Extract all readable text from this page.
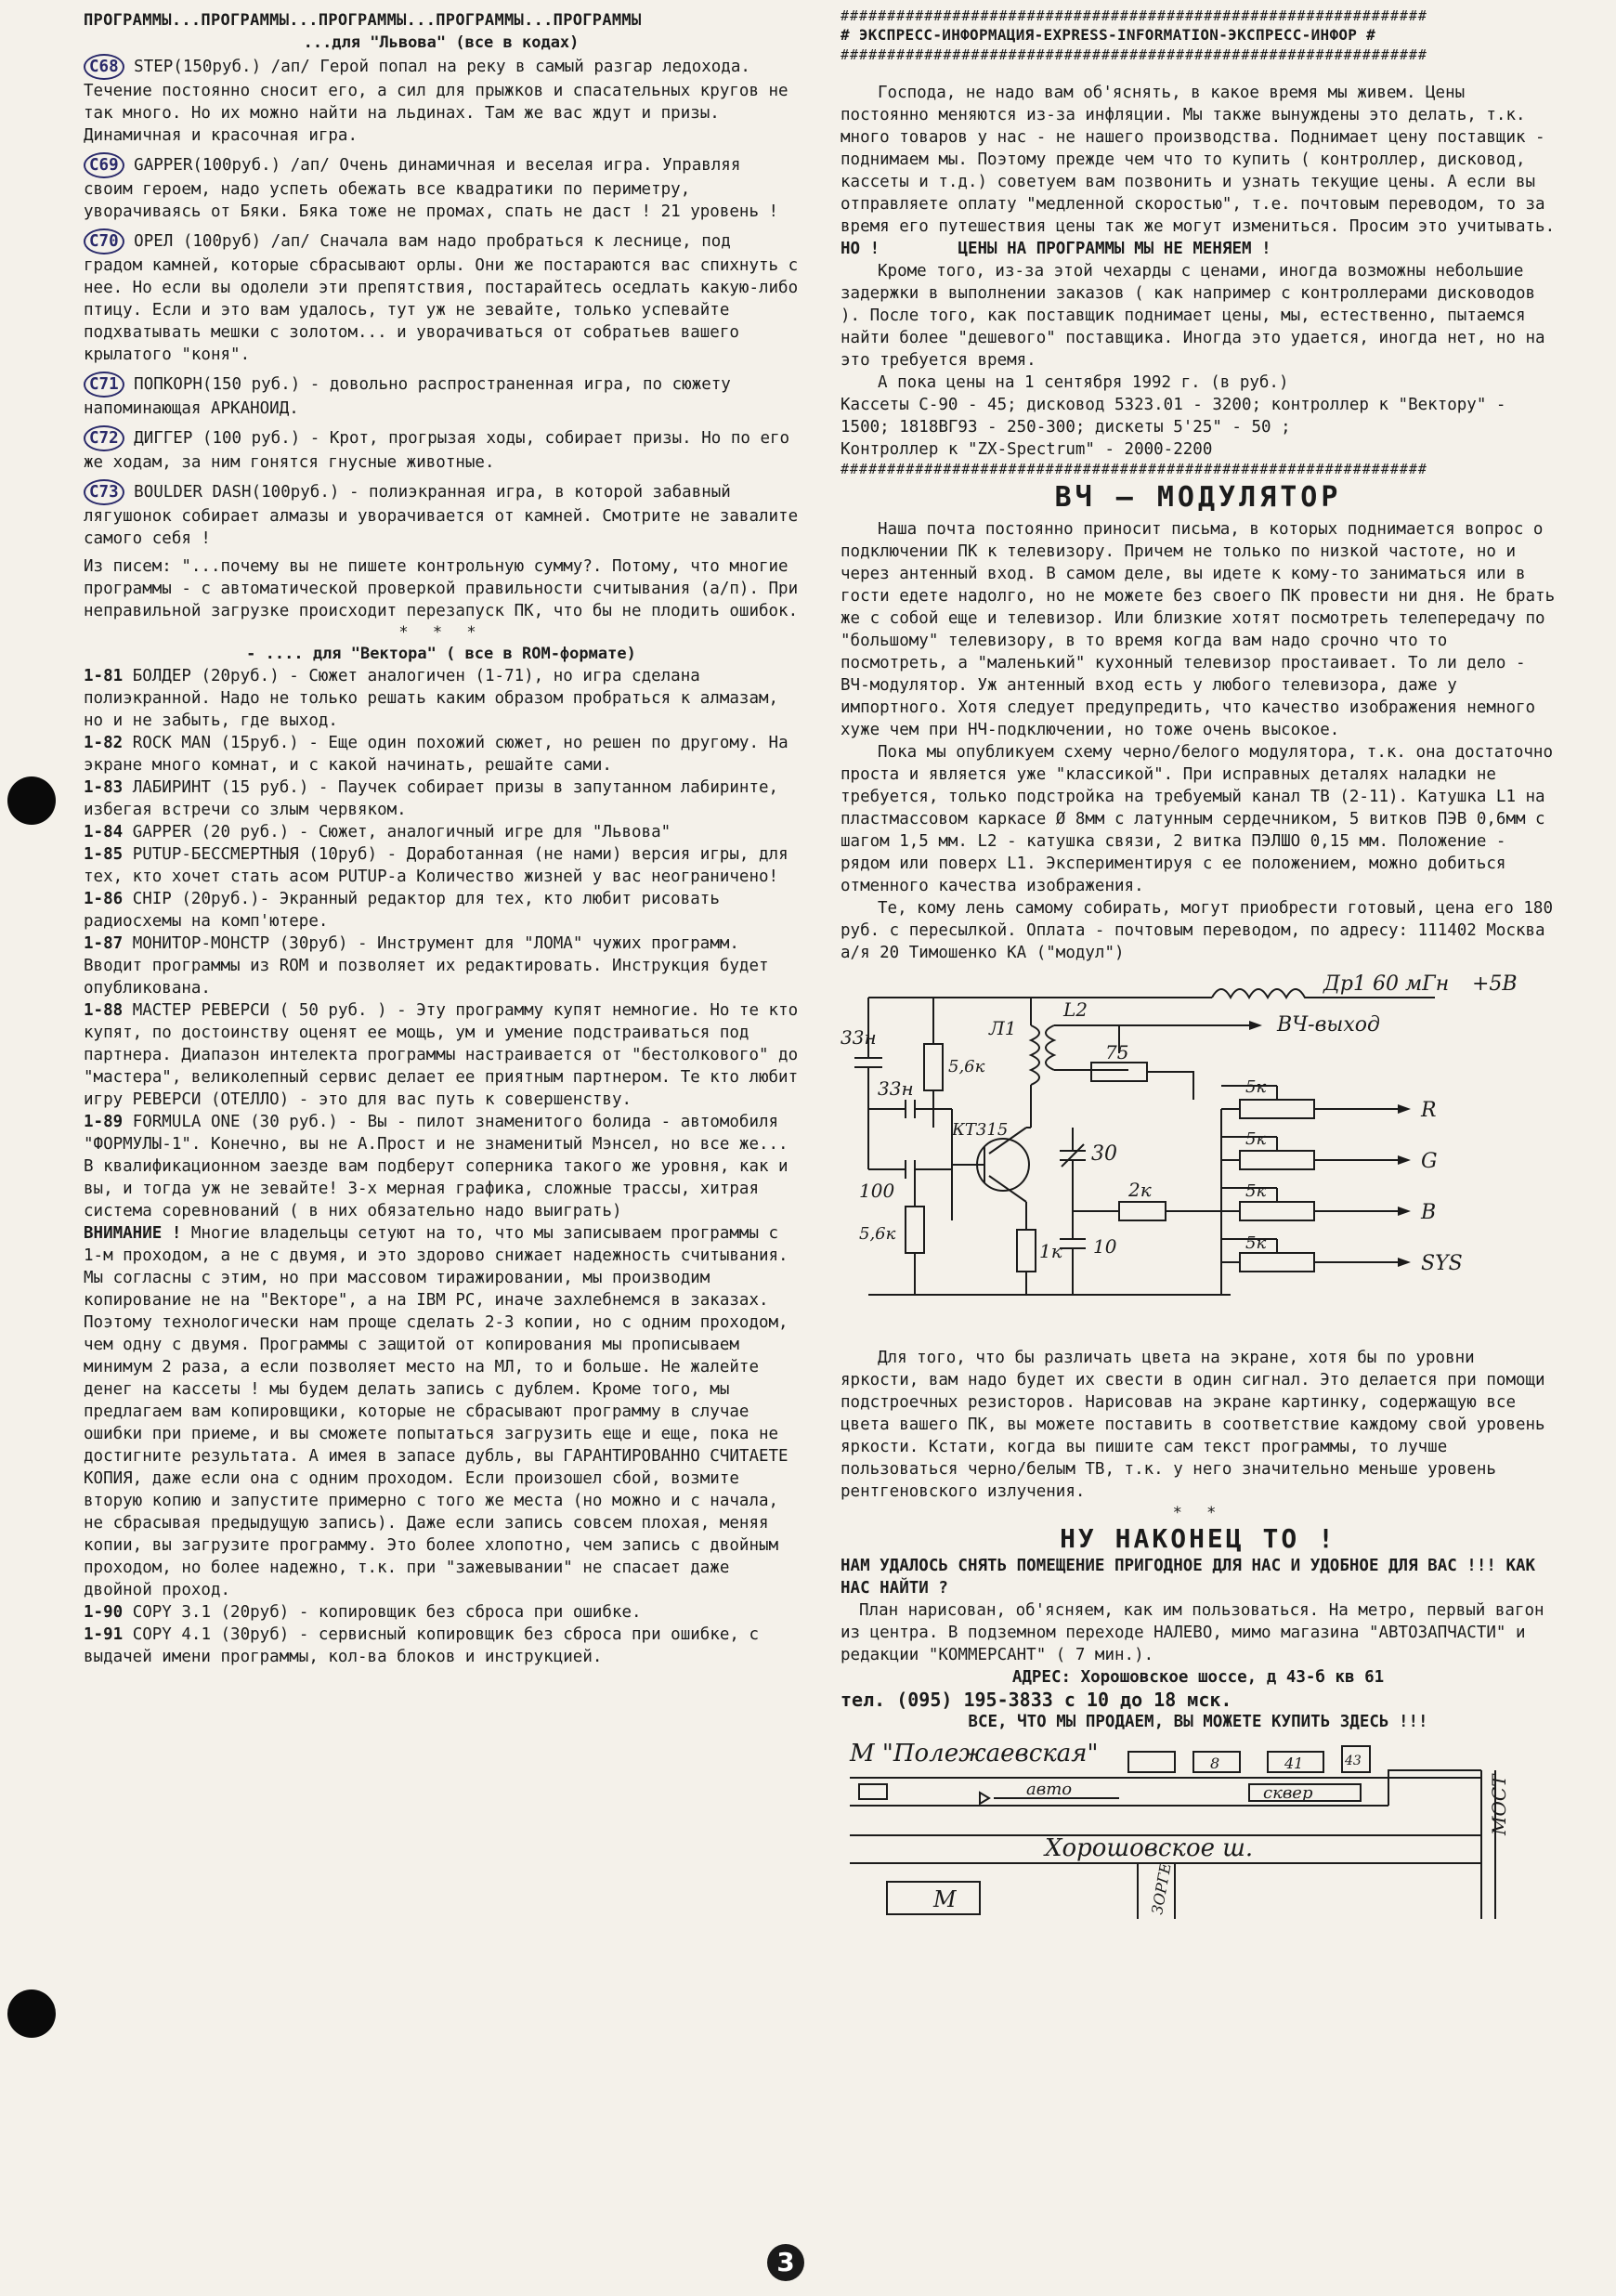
ПРОГРАММЫ...ПРОГРАММЫ...ПРОГРАММЫ...ПРОГРАММЫ...ПРОГРАММЫ
...для "Львова" (все в кодах)

C68 STEP(150руб.) /ап/ Герой попал на реку в самый разгар ледохода. Течение постоянно сносит его, а сил для прыжков и спасательных кругов не так много. Но их можно найти на льдинах. Там же вас ждут и призы. Динамичная и красочная игра.

C69 GAPPER(100руб.) /ап/ Очень динамичная и веселая игра. Управляя своим героем, надо успеть обежать все квадратики по периметру, уворачиваясь от Бяки. Бяка тоже не промах, спать не даст ! 21 уровень !

C70 ОРЕЛ (100руб) /ап/ Сначала вам надо пробраться к леснице, под градом камней, которые сбрасывают орлы. Они же постараются вас спихнуть с нее. Но если вы одолели эти препятствия, постарайтесь оседлать какую-либо птицу. Если и это вам удалось, тут уж не зевайте, только успевайте подхватывать мешки с золотом... и уворачиваться от собратьев вашего крылатого "коня".

C71 ПОПКОРН(150 руб.) - довольно распространенная игра, по сюжету напоминающая АРКАНОИД.

C72 ДИГГЕР (100 руб.) - Крот, прогрызая ходы, собирает призы. Но по его же ходам, за ним гонятся гнусные животные.

C73 BOULDER DASH(100руб.) - полиэкранная игра, в которой забавный лягушонок собирает алмазы и уворачивается от камней. Смотрите не завалите самого себя !

Из писем: "...почему вы не пишете контрольную сумму?. Потому, что многие программы - с автоматической проверкой правильности считывания (а/п). При неправильной загрузке происходит перезапуск ПК, что бы не плодить ошибок.

* * *
- .... для "Вектора" ( все в ROM-формате)

1-81 БОЛДЕР (20руб.) - Сюжет аналогичен (1-71), но игра сделана полиэкранной. Надо не только решать каким образом пробраться к алмазам, но и не забыть, где выход.

1-82 ROCK MAN (15руб.) - Еще один похожий сюжет, но решен по другому. На экране много комнат, и с какой начинать, решайте сами.

1-83 ЛАБИРИНТ (15 руб.) - Паучек собирает призы в запутанном лабиринте, избегая встречи со злым червяком.

1-84 GAPPER (20 руб.) - Сюжет, аналогичный игре для "Львова"

1-85 PUTUP-БЕССМЕРТНЫЯ (10руб) - Доработанная (не нами) версия игры, для тех, кто хочет стать асом PUTUP-а Количество жизней у вас неограничено!

1-86 CHIP (20руб.)- Экранный редактор для тех, кто любит рисовать радиосхемы на комп'ютере.

1-87 МОНИТОР-МОНСТР (30руб) - Инструмент для "ЛОМА" чужих программ. Вводит программы из ROM и позволяет их редактировать. Инструкция будет опубликована.

1-88 МАСТЕР РЕВЕРСИ ( 50 руб. ) - Эту программу купят немногие. Но те кто купят, по достоинству оценят ее мощь, ум и умение подстраиваться под партнера. Диапазон интелекта программы настраивается от "бестолкового" до "мастера", великолепный сервис делает ее приятным партнером. Те кто любит игру РЕВЕРСИ (ОТЕЛЛО) - это для вас путь к совершенству.

1-89 FORMULA ONE (30 руб.) - Вы - пилот знаменитого болида - автомобиля "ФОРМУЛЫ-1". Конечно, вы не А.Прост и не знаменитый Мэнсел, но все же... В квалификационном заезде вам подберут соперника такого же уровня, как и вы, и тогда уж не зевайте! 3-х мерная графика, сложные трассы, хитрая система соревнований ( в них обязательно надо выиграть)

ВНИМАНИЕ ! Многие владельцы сетуют на то, что мы записываем программы с 1-м проходом, а не с двумя, и это здорово снижает надежность считывания. Мы согласны с этим, но при массовом тиражировании, мы производим копирование не на "Векторе", а на IBM PC, иначе захлебнемся в заказах. Поэтому технологически нам проще сделать 2-3 копии, но с одним проходом, чем одну с двумя. Программы с защитой от копирования мы прописываем минимум 2 раза, а если позволяет место на МЛ, то и больше. Не жалейте денег на кассеты ! мы будем делать запись с дублем. Кроме того, мы предлагаем вам копировщики, которые не сбрасывают программу в случае ошибки при приеме, и вы сможете попытаться загрузить еще и еще, пока не достигните результата. А имея в запасе дубль, вы ГАРАНТИРОВАННО СЧИТАЕТЕ КОПИЯ, даже если она с одним проходом. Если произошел сбой, возмите вторую копию и запустите примерно с того же места (но можно и с начала, не сбрасывая предыдущую запись). Даже если запись совсем плохая, меняя копии, вы загрузите программу. Это более хлопотно, чем запись с двойным проходом, но более надежно, т.к. при "зажевывании" не спасает даже двойной проход.

1-90 COPY 3.1 (20руб) - копировщик без сброса при ошибке.

1-91 COPY 4.1 (30руб) - сервисный копировщик без сброса при ошибке, с выдачей имени программы, кол-ва блоков и инструкцией.

###############################################################
# ЭКСПРЕСС-ИНФОРМАЦИЯ-EXPRESS-INFORMATION-ЭКСПРЕСС-ИНФОР #
###############################################################

Господа, не надо вам об'яснять, в какое время мы живем. Цены постоянно меняются из-за инфляции. Мы также вынуждены это делать, т.к. много товаров у нас - не нашего производства. Поднимает цену поставщик - поднимаем мы. Поэтому прежде чем что то купить ( контроллер, дисковод, кассеты и т.д.) советуем вам позвонить и узнать текущие цены. А если вы отправляете оплату "медленной скоростью", т.е. почтовым переводом, то за время его путешествия цены так же могут измениться. Просим это учитывать.

НО !	ЦЕНЫ НА ПРОГРАММЫ МЫ НЕ МЕНЯЕМ !

Кроме того, из-за этой чехарды с ценами, иногда возможны небольшие задержки в выполнении заказов ( как например с контроллерами дисководов ). После того, как поставщик поднимает цены, мы, естественно, пытаемся найти более "дешевого" поставщика. Иногда это удается, иногда нет, но на это требуется время.

А пока цены на 1 сентября 1992 г. (в руб.)

Кассеты С-90 - 45; дисковод 5323.01 - 3200; контроллер к "Вектору" - 1500; 1818ВГ93 - 250-300; дискеты 5'25" - 50 ;

Контроллер к "ZX-Spectrum" - 2000-2200

###############################################################
ВЧ – МОДУЛЯТОР

Наша почта постоянно приносит письма, в которых поднимается вопрос о подключении ПК к телевизору. Причем не только по низкой частоте, но и через антенный вход. В самом деле, вы идете к кому-то заниматься или в гости едете надолго, но не можете без своего ПК провести ни дня. Не брать же с собой еще и телевизор. Или близкие хотят посмотреть телепередачу по "большому" телевизору, в то время когда вам надо срочно что то посмотреть, а "маленький" кухонный телевизор простаивает. То ли дело - ВЧ-модулятор. Уж антенный вход есть у любого телевизора, даже у импортного. Хотя следует предупредить, что качество изображения немного хуже чем при НЧ-подключении, но тоже очень высокое.

Пока мы опубликуем схему черно/белого модулятора, т.к. она достаточно проста и является уже "классикой". При исправных деталях наладки не требуется, только подстройка на требуемый канал ТВ (2-11). Катушка L1 на пластмассовом каркасе Ø 8мм с латунным сердечником, 5 витков ПЭВ 0,6мм с шагом 1,5 мм. L2 - катушка связи, 2 витка ПЭЛШО 0,15 мм. Положение - рядом или поверх L1. Экспериментируя с ее положением, можно добиться отменного качества изображения.

Те, кому лень самому собирать, могут приобрести готовый, цена его 180 руб. с пересылкой. Оплата - почтовым переводом, по адресу: 111402 Москва а/я 20 Тимошенко КА ("модул")

Др1 60 мГн +5В
ВЧ-выход
33н
33н
Л1
L2
5,6к
75
КТ315
30
100	2к
5,6к
1к 10
5к
5к
5к
5к
R
G
B
SYS

Для того, что бы различать цвета на экране, хотя бы по уровни яркости, вам надо будет их свести в один сигнал. Это делается при помощи подстроечных резисторов. Нарисовав на экране картинку, содержащую все цвета вашего ПК, вы можете поставить в соответствие каждому свой уровень яркости. Кстати, когда вы пишите сам текст программы, то лучше пользоваться черно/белым ТВ, т.к. у него значительно меньше уровень рентгеновского излучения.

* *
НУ НАКОНЕЦ ТО !

НАМ УДАЛОСЬ СНЯТЬ ПОМЕЩЕНИЕ ПРИГОДНОЕ ДЛЯ НАС И УДОБНОЕ ДЛЯ ВАС !!! КАК НАС НАЙТИ ?

План нарисован, об'ясняем, как им пользоваться. На метро, первый вагон из центра. В подземном переходе НАЛЕВО, мимо магазина "АВТОЗАПЧАСТИ" и редакции "КОММЕРСАНТ" ( 7 мин.).

АДРЕС: Хорошовское шоссе, д 43-б кв 61

тел. (095) 195-3833 с 10 до 18 мск.

ВСЕ, ЧТО МЫ ПРОДАЕМ, ВЫ МОЖЕТЕ КУПИТЬ ЗДЕСЬ !!!

М "Полежаевская"	8	41	43
авто	сквер	МОСТ
Хорошовское ш.
М	ЗОРГЕ
3
